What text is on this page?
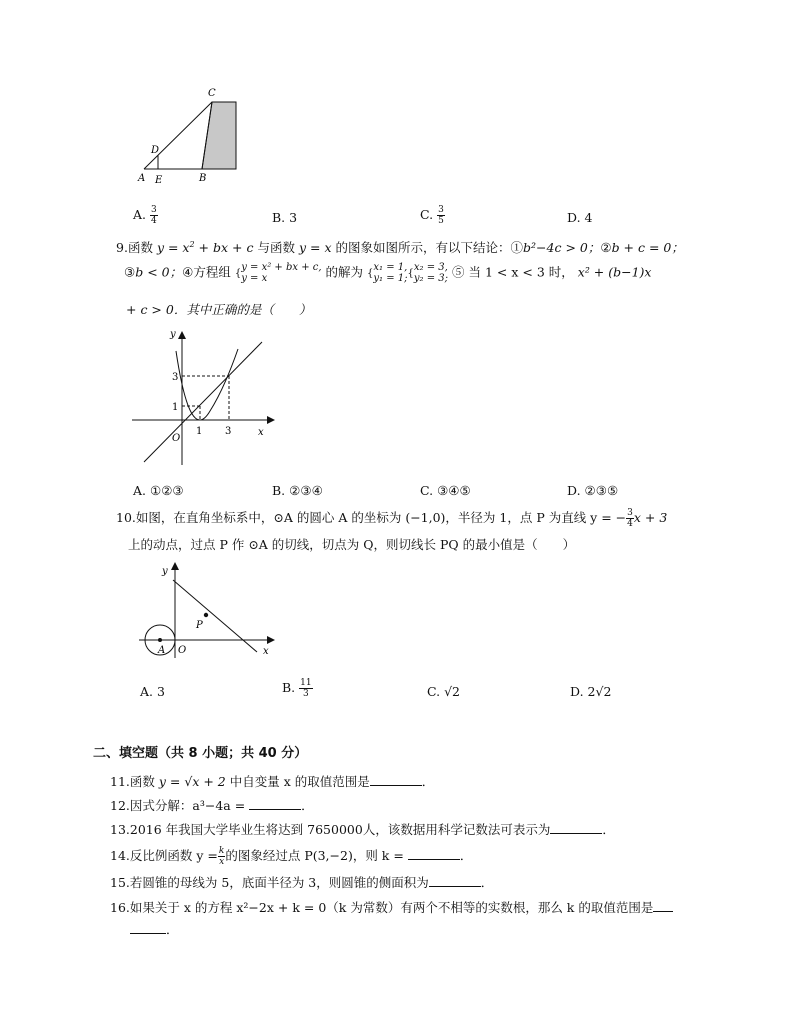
C
D
A E	B
A. $\frac{3}{4}$	B. 3	C. $\frac{3}{5}$	D. 4
9.函数 $y = x^2$ + bx + c 与函数 y = x 的图象如图所示，有以下结论：①b²−4c > 0；②b + c = 0；
③b < 0；④方程组 { y = x² + bx + c,
y = x	的解为 { x₁ = 1,
y₁ = 1; { x₂ = 3,
y₂ = 3; ⑤ 当 1 < x < 3 时， x² + (b−1)x
+ c > 0．其中正确的是（　　）
y
x
O
1 3
1
3
A. ①②③	B. ②③④	C. ③④⑤	D. ②③⑤
10.如图，在直角坐标系中，⊙A 的圆心 A 的坐标为 (−1,0)，半径为 1，点 P 为直线 y = − $\frac{3}{4}$ x + 3
上的动点，过点 P 作 ⊙A 的切线，切点为 Q，则切线长 PQ 的最小值是（　　）
y
x
O
A
P
A. 3	B. $\frac{11}{3}$	C. √2	D. 2√2
二、填空题（共 8 小题；共 40 分）
11.函数 y = √x + 2 中自变量 x 的取值范围是	．
12.因式分解：a³−4a =	．
13.2016 年我国大学毕业生将达到 7650000人，该数据用科学记数法可表示为	．
14.反比例函数 $y = \frac{k}{x}$ 的图象经过点 P(3,−2)，则 k =	．
15.若圆锥的母线为 5，底面半径为 3，则圆锥的侧面积为	．
16.如果关于 x 的方程 x²−2x + k = 0（k 为常数）有两个不相等的实数根，那么 k 的取值范围是
．
